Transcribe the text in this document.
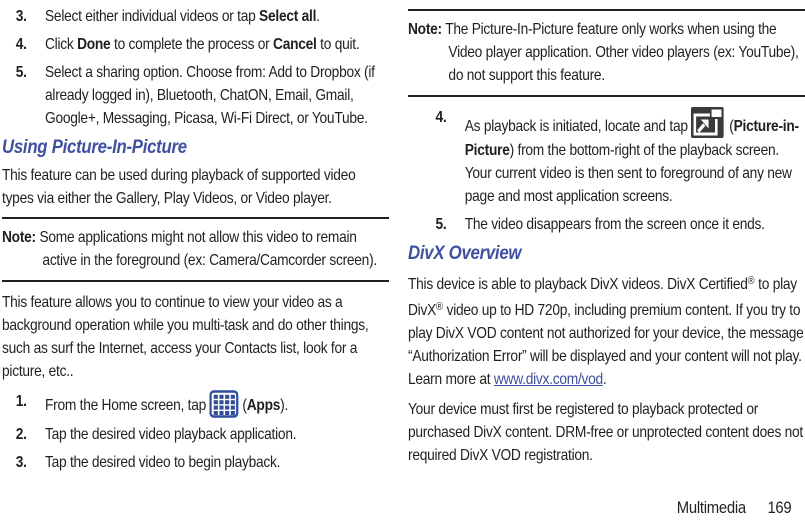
3.	Select either individual videos or tap Select all.
4.	Click Done to complete the process or Cancel to quit.
5.	Select a sharing option. Choose from: Add to Dropbox (if already logged in), Bluetooth, ChatON, Email, Gmail, Google+, Messaging, Picasa, Wi-Fi Direct, or YouTube.
Using Picture-In-Picture

This feature can be used during playback of supported video types via either the Gallery, Play Videos, or Video player.

Note: Some applications might not allow this video to remain active in the foreground (ex: Camera/Camcorder screen).

This feature allows you to continue to view your video as a background operation while you multi-task and do other things, such as surf the Internet, access your Contacts list, look for a picture, etc..

1.	From the Home screen, tap
(Apps).
2.	Tap the desired video playback application.
3.	Tap the desired video to begin playback.

Note: The Picture-In-Picture feature only works when using the Video player application. Other video players (ex: YouTube), do not support this feature.

4.
As playback is initiated, locate and tap
(Picture-in-Picture) from the bottom-right of the playback screen. Your current video is then sent to foreground of any new page and most application screens.
5.	The video disappears from the screen once it ends.
DivX Overview

This device is able to playback DivX videos. DivX Certified® to play DivX® video up to HD 720p, including premium content. If you try to play DivX VOD content not authorized for your device, the message “Authorization Error” will be displayed and your content will not play. Learn more at www.divx.com/vod.

Your device must first be registered to playback protected or purchased DivX content. DRM-free or unprotected content does not required DivX VOD registration.

Multimedia 169
